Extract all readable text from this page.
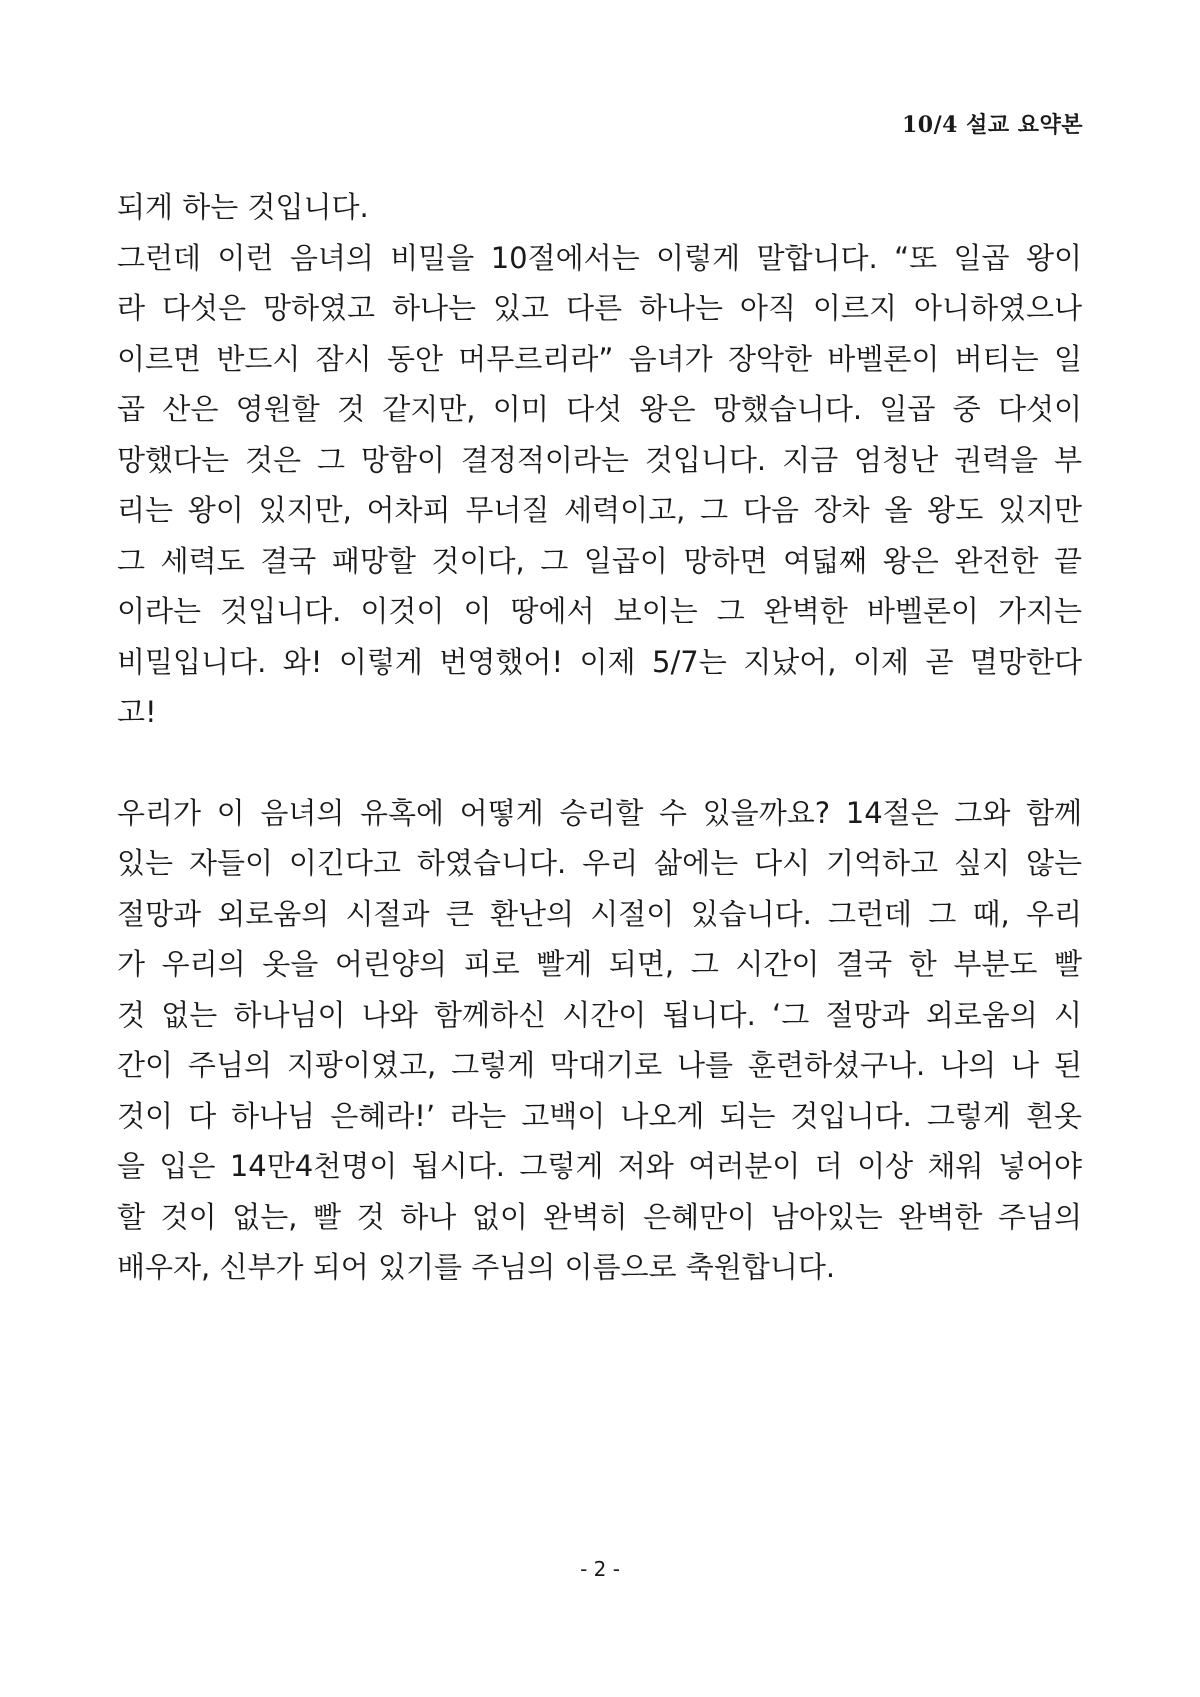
10/4 설교 요약본
되게 하는 것입니다.
그런데 이런 음녀의 비밀을 10절에서는 이렇게 말합니다. “또 일곱 왕이
라 다섯은 망하였고 하나는 있고 다른 하나는 아직 이르지 아니하였으나
이르면 반드시 잠시 동안 머무르리라” 음녀가 장악한 바벨론이 버티는 일
곱 산은 영원할 것 같지만, 이미 다섯 왕은 망했습니다. 일곱 중 다섯이
망했다는 것은 그 망함이 결정적이라는 것입니다. 지금 엄청난 권력을 부
리는 왕이 있지만, 어차피 무너질 세력이고, 그 다음 장차 올 왕도 있지만
그 세력도 결국 패망할 것이다, 그 일곱이 망하면 여덟째 왕은 완전한 끝
이라는 것입니다. 이것이 이 땅에서 보이는 그 완벽한 바벨론이 가지는
비밀입니다. 와! 이렇게 번영했어! 이제 5/7는 지났어, 이제 곧 멸망한다
고!
우리가 이 음녀의 유혹에 어떻게 승리할 수 있을까요? 14절은 그와 함께
있는 자들이 이긴다고 하였습니다. 우리 삶에는 다시 기억하고 싶지 않는
절망과 외로움의 시절과 큰 환난의 시절이 있습니다. 그런데 그 때, 우리
가 우리의 옷을 어린양의 피로 빨게 되면, 그 시간이 결국 한 부분도 빨
것 없는 하나님이 나와 함께하신 시간이 됩니다. ‘그 절망과 외로움의 시
간이 주님의 지팡이였고, 그렇게 막대기로 나를 훈련하셨구나. 나의 나 된
것이 다 하나님 은혜라!’ 라는 고백이 나오게 되는 것입니다. 그렇게 흰옷
을 입은 14만4천명이 됩시다. 그렇게 저와 여러분이 더 이상 채워 넣어야
할 것이 없는, 빨 것 하나 없이 완벽히 은혜만이 남아있는 완벽한 주님의
배우자, 신부가 되어 있기를 주님의 이름으로 축원합니다.
- 2 -
